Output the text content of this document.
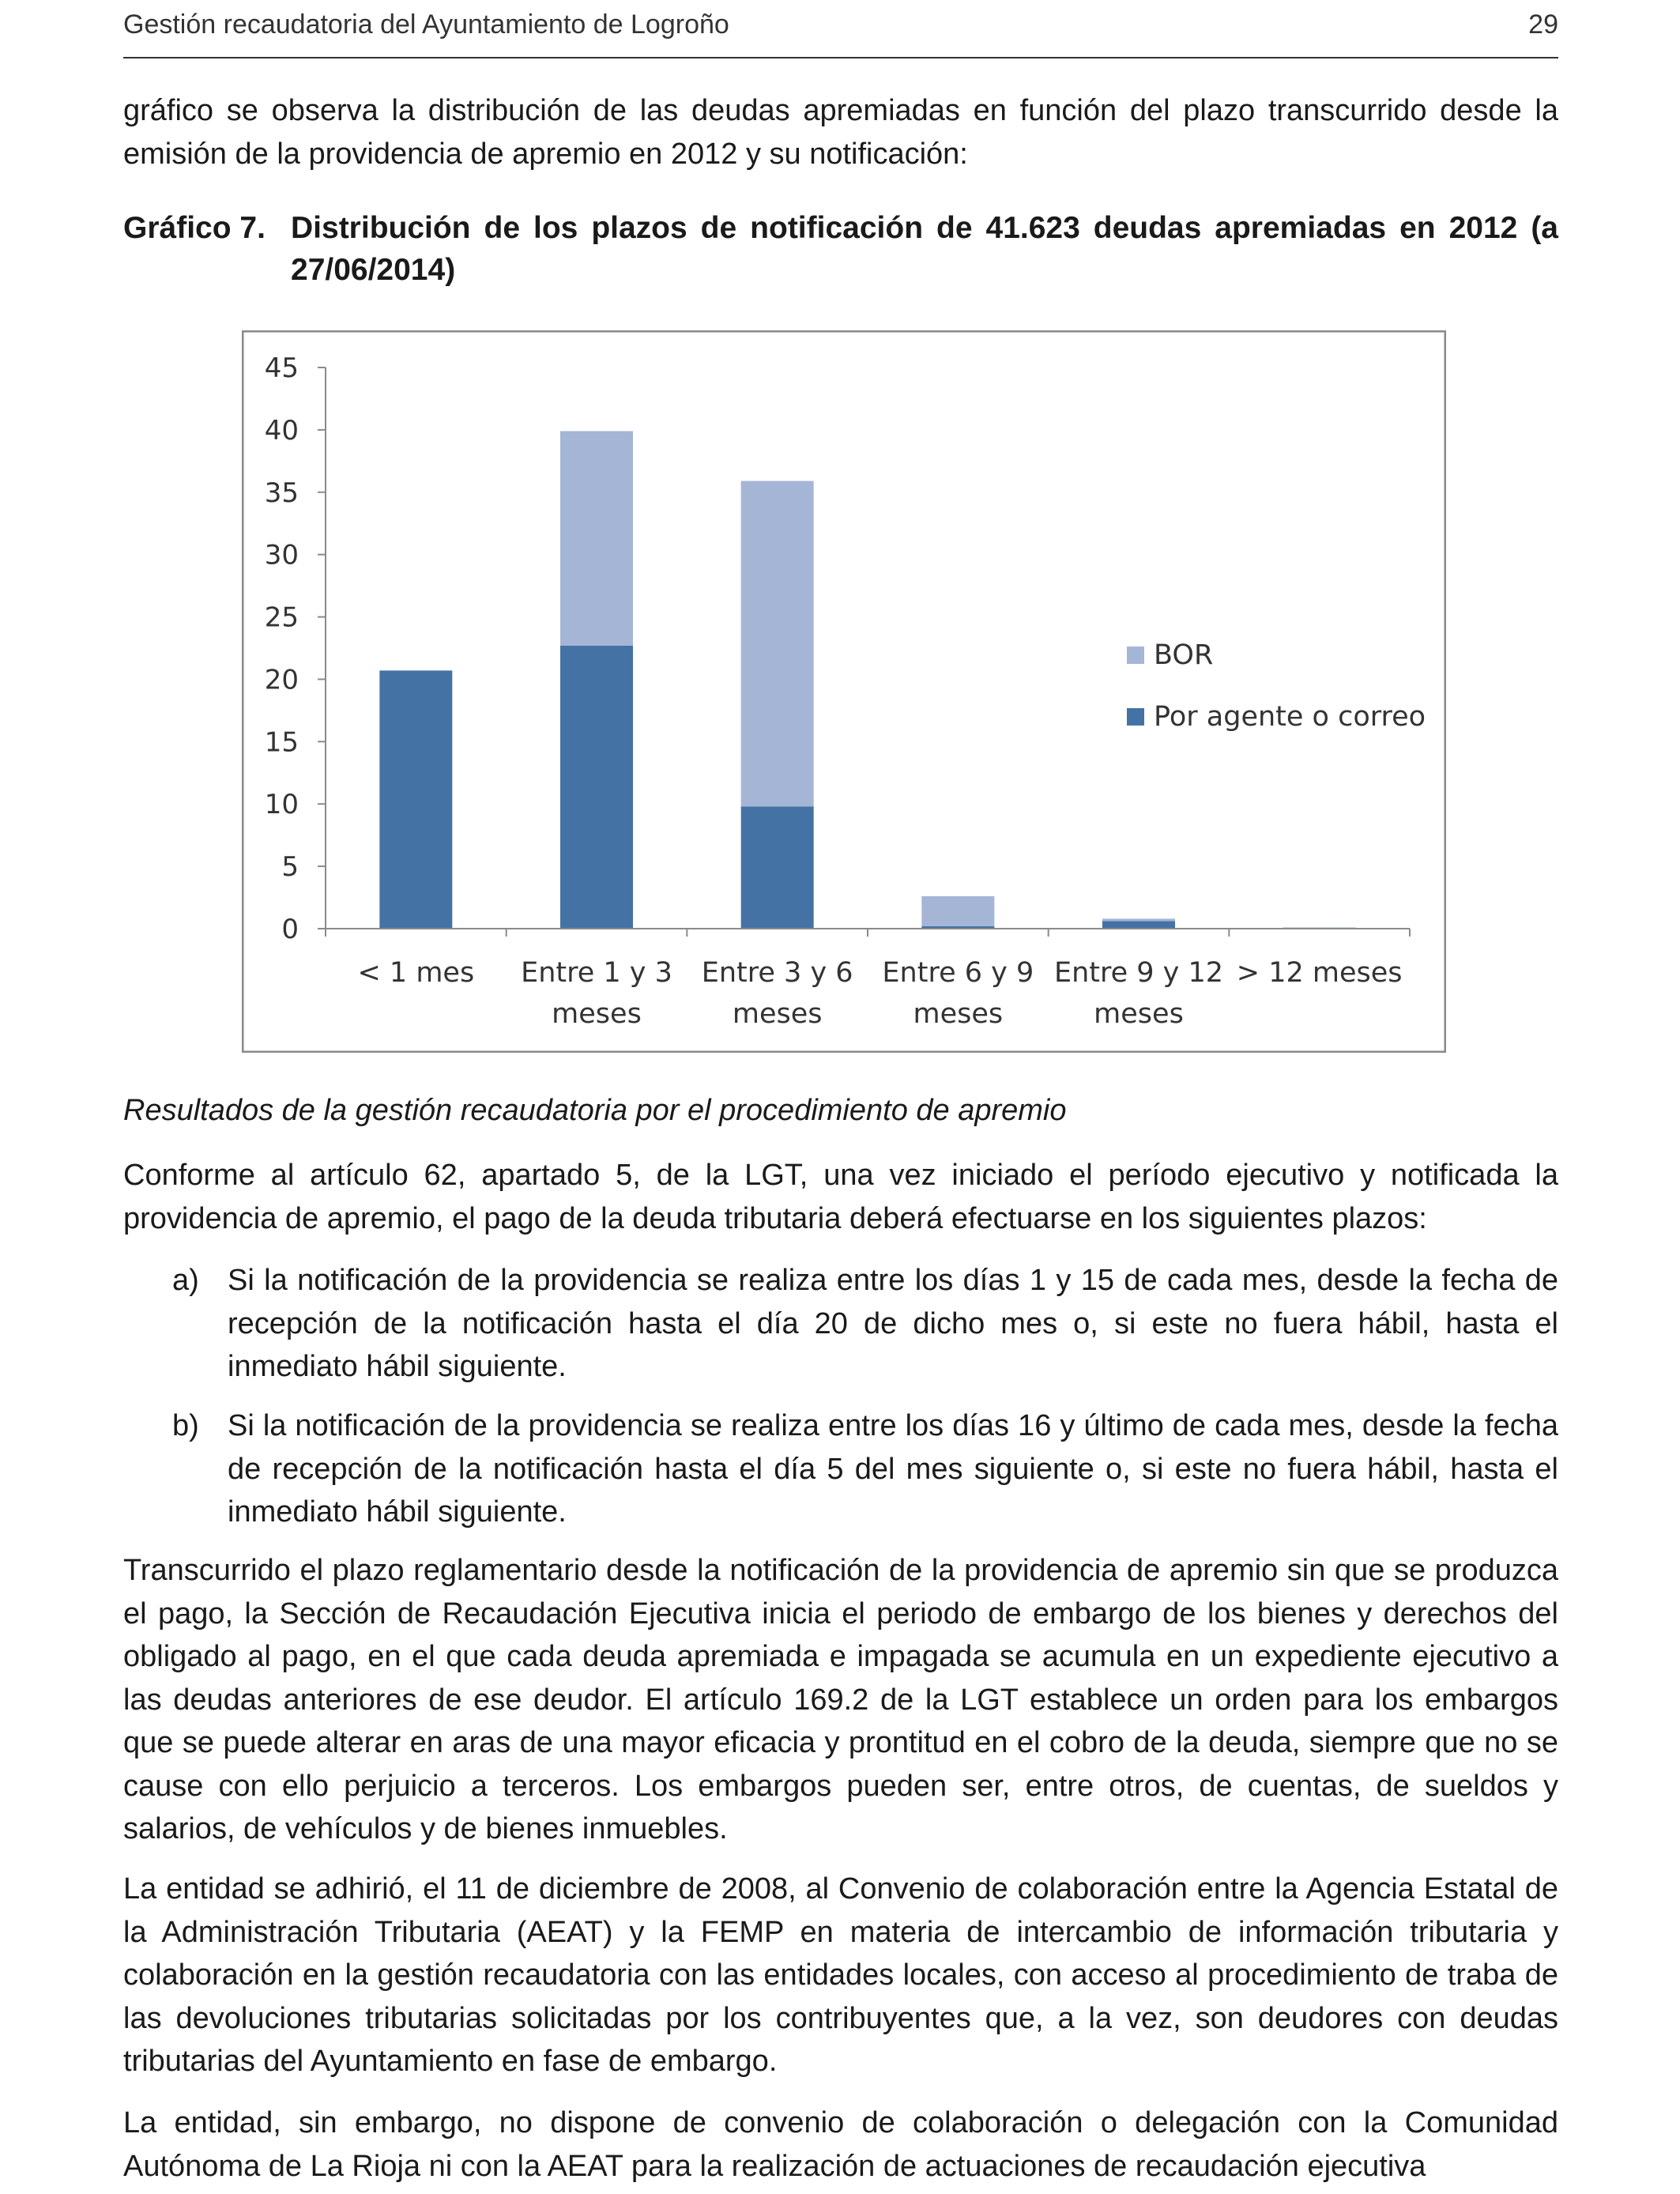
Gestión recaudatoria del Ayuntamiento de Logroño	29

gráfico se observa la distribución de las deudas apremiadas en función del plazo transcurrido desde la emisión de la providencia de apremio en 2012 y su notificación:

Gráfico 7. Distribución de los plazos de notificación de 41.623 deudas apremiadas en 2012 (a 27/06/2014)
0
5
10
15
20
25
30
35
40
45
< 1 mes Entre 1 y 3
meses
Entre 3 y 6
meses
Entre 6 y 9
meses
Entre 9 y 12
meses
> 12 meses
BOR
Por agente o correo
Resultados de la gestión recaudatoria por el procedimiento de apremio

Conforme al artículo 62, apartado 5, de la LGT, una vez iniciado el período ejecutivo y notificada la providencia de apremio, el pago de la deuda tributaria deberá efectuarse en los siguientes plazos:

a) Si la notificación de la providencia se realiza entre los días 1 y 15 de cada mes, desde la fecha de recepción de la notificación hasta el día 20 de dicho mes o, si este no fuera hábil, hasta el inmediato hábil siguiente.

b) Si la notificación de la providencia se realiza entre los días 16 y último de cada mes, desde la fecha de recepción de la notificación hasta el día 5 del mes siguiente o, si este no fuera hábil, hasta el inmediato hábil siguiente.

Transcurrido el plazo reglamentario desde la notificación de la providencia de apremio sin que se produzca el pago, la Sección de Recaudación Ejecutiva inicia el periodo de embargo de los bienes y derechos del obligado al pago, en el que cada deuda apremiada e impagada se acumula en un expediente ejecutivo a las deudas anteriores de ese deudor. El artículo 169.2 de la LGT establece un orden para los embargos que se puede alterar en aras de una mayor eficacia y prontitud en el cobro de la deuda, siempre que no se cause con ello perjuicio a terceros. Los embargos pueden ser, entre otros, de cuentas, de sueldos y salarios, de vehículos y de bienes inmuebles.

La entidad se adhirió, el 11 de diciembre de 2008, al Convenio de colaboración entre la Agencia Estatal de la Administración Tributaria (AEAT) y la FEMP en materia de intercambio de información tributaria y colaboración en la gestión recaudatoria con las entidades locales, con acceso al procedimiento de traba de las devoluciones tributarias solicitadas por los contribuyentes que, a la vez, son deudores con deudas tributarias del Ayuntamiento en fase de embargo.

La entidad, sin embargo, no dispone de convenio de colaboración o delegación con la Comunidad Autónoma de La Rioja ni con la AEAT para la realización de actuaciones de recaudación ejecutiva
